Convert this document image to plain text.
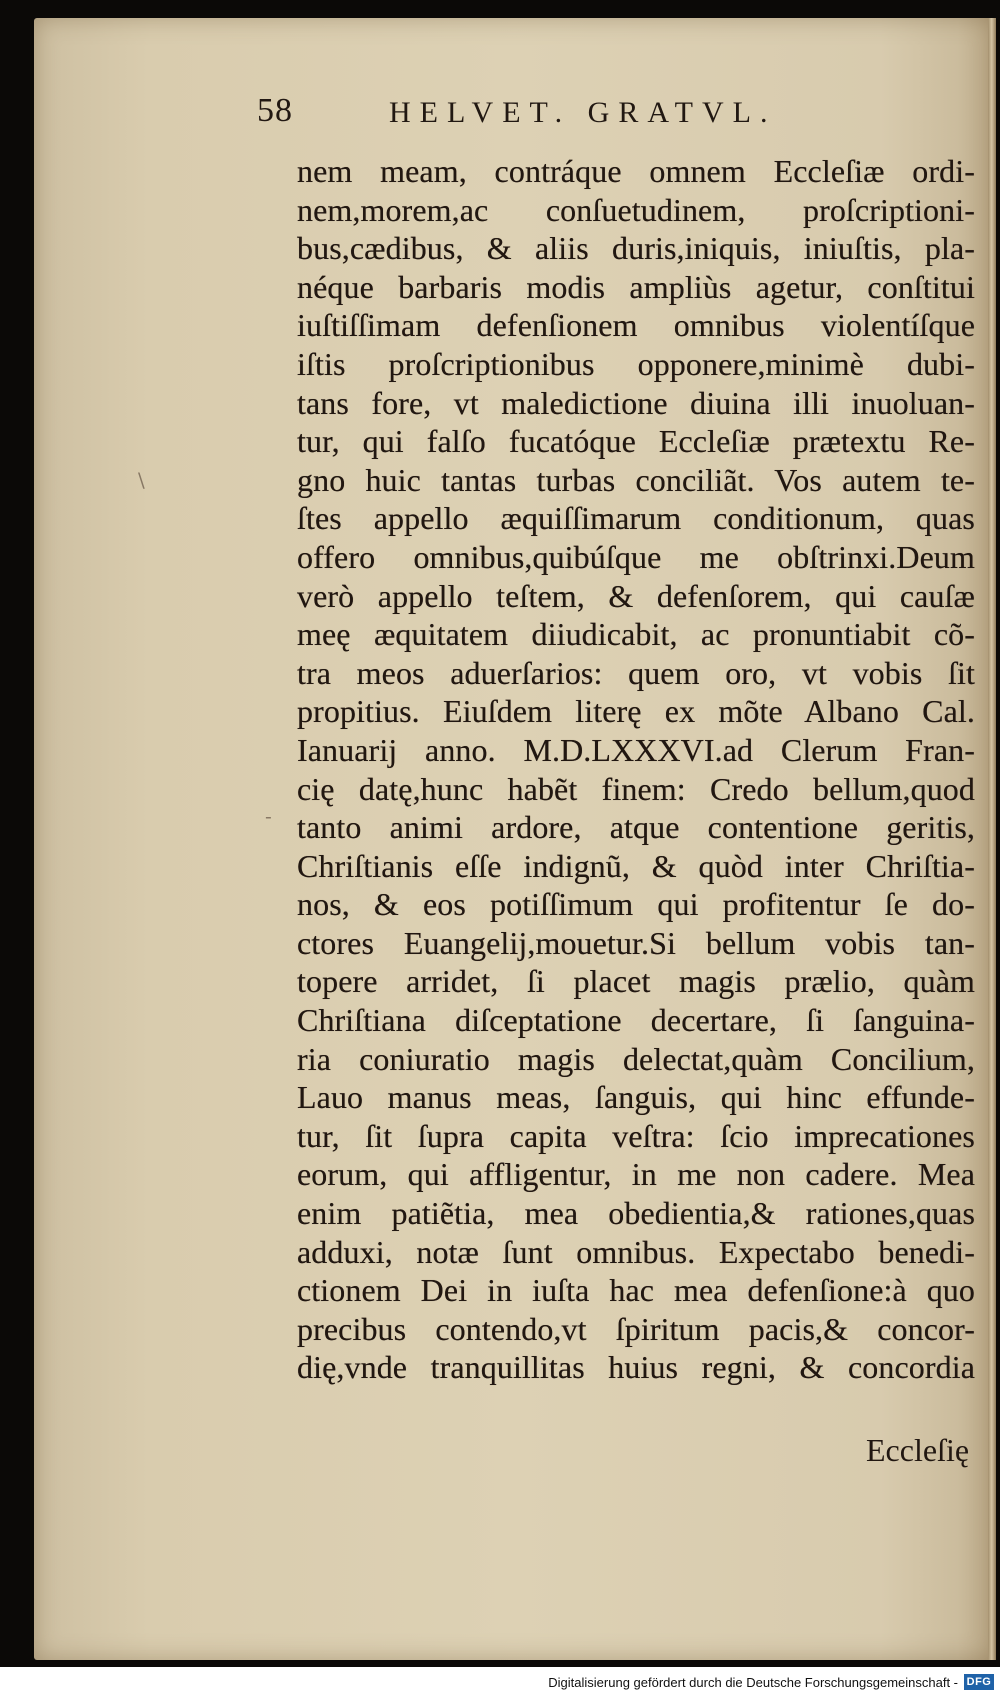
58	HELVET. GRATVL.
\
-
nem meam, contráque omnem Eccleſiæ ordi-
nem,morem,ac conſuetudinem, proſcriptioni-
bus,cædibus, & aliis duris,iniquis, iniuſtis, pla-
néque barbaris modis ampliùs agetur, conſtitui
iuſtiſſimam defenſionem omnibus violentíſque
iſtis proſcriptionibus opponere,minimè dubi-
tans fore, vt maledictione diuina illi inuoluan-
tur, qui falſo fucatóque Eccleſiæ prætextu Re-
gno huic tantas turbas conciliãt. Vos autem te-
ſtes appello æquiſſimarum conditionum, quas
offero omnibus,quibúſque me obſtrinxi.Deum
verò appello teſtem, & defenſorem, qui cauſæ
meę æquitatem diiudicabit, ac pronuntiabit cõ-
tra meos aduerſarios: quem oro, vt vobis ſit
propitius. Eiuſdem literę ex mõte Albano Cal.
Ianuarij anno. M.D.LXXXVI.ad Clerum Fran-
cię datę,hunc habẽt finem: Credo bellum,quod
tanto animi ardore, atque contentione geritis,
Chriſtianis eſſe indignũ, & quòd inter Chriſtia-
nos, & eos potiſſimum qui profitentur ſe do-
ctores Euangelij,mouetur.Si bellum vobis tan-
topere arridet, ſi placet magis prælio, quàm
Chriſtiana diſceptatione decertare, ſi ſanguina-
ria coniuratio magis delectat,quàm Concilium,
Lauo manus meas, ſanguis, qui hinc effunde-
tur, ſit ſupra capita veſtra: ſcio imprecationes
eorum, qui affligentur, in me non cadere. Mea
enim patiẽtia, mea obedientia,& rationes,quas
adduxi, notæ ſunt omnibus. Expectabo benedi-
ctionem Dei in iuſta hac mea defenſione:à quo
precibus contendo,vt ſpiritum pacis,& concor-
dię,vnde tranquillitas huius regni, & concordia
Eccleſię
Digitalisierung gefördert durch die Deutsche Forschungsgemeinschaft - DFG
